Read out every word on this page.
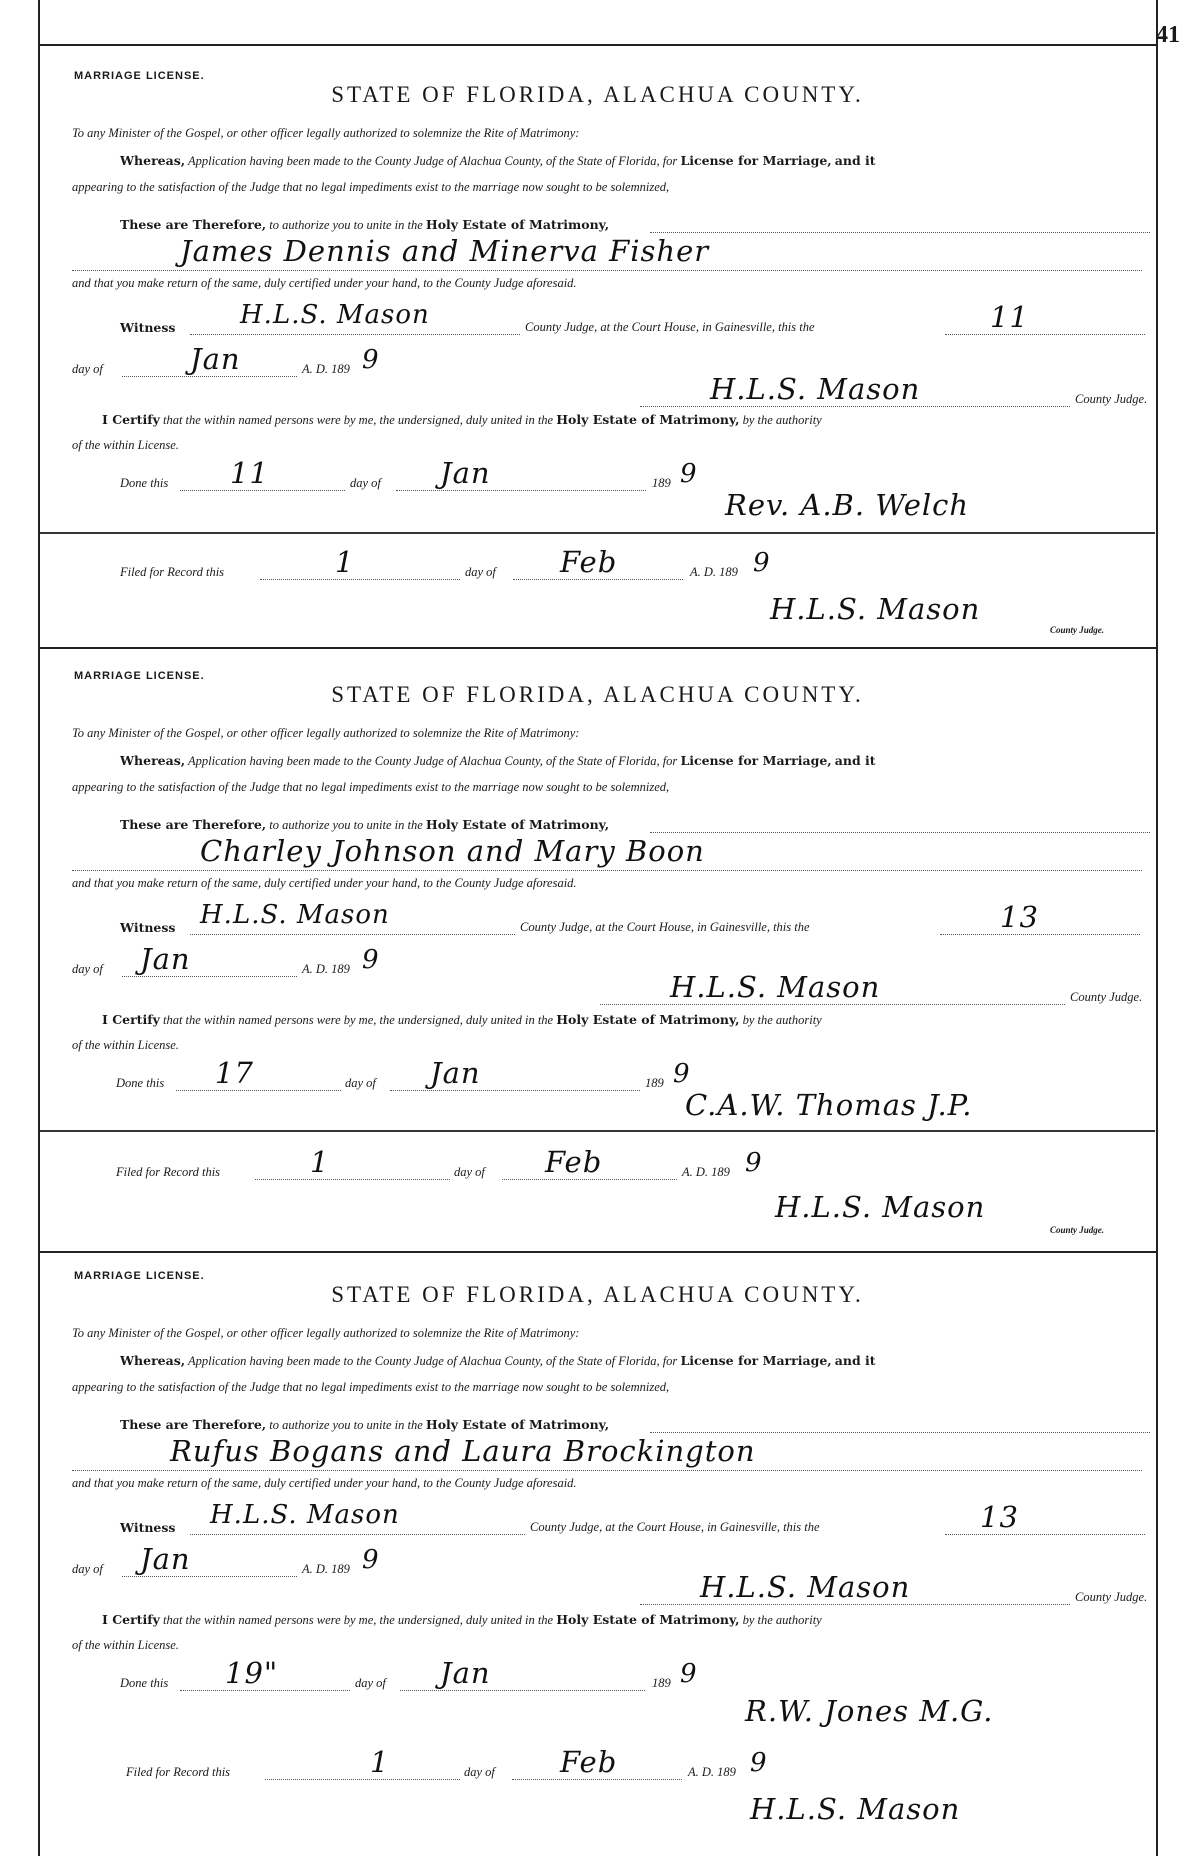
41
MARRIAGE LICENSE.
STATE OF FLORIDA, ALACHUA COUNTY.
To any Minister of the Gospel, or other officer legally authorized to solemnize the Rite of Matrimony:
Whereas, Application having been made to the County Judge of Alachua County, of the State of Florida, for License for Marriage, and it
appearing to the satisfaction of the Judge that no legal impediments exist to the marriage now sought to be solemnized,
These are Therefore, to authorize you to unite in the Holy Estate of Matrimony,
James Dennis and Minerva Fisher
and that you make return of the same, duly certified under your hand, to the County Judge aforesaid.
Witness H.L.S. Mason	County Judge, at the Court House, in Gainesville, this the	11
day of	Jan	A. D. 189 9
H.L.S. Mason	County Judge.
I Certify that the within named persons were by me, the undersigned, duly united in the Holy Estate of Matrimony, by the authority
of the within License.
Done this 11	day of Jan	189 9
Rev. A.B. Welch
Filed for Record this	1	day of Feb	A. D. 189 9
H.L.S. Mason
County Judge.
MARRIAGE LICENSE.
STATE OF FLORIDA, ALACHUA COUNTY.
To any Minister of the Gospel, or other officer legally authorized to solemnize the Rite of Matrimony:
Whereas, Application having been made to the County Judge of Alachua County, of the State of Florida, for License for Marriage, and it
appearing to the satisfaction of the Judge that no legal impediments exist to the marriage now sought to be solemnized,
These are Therefore, to authorize you to unite in the Holy Estate of Matrimony,
Charley Johnson and Mary Boon
and that you make return of the same, duly certified under your hand, to the County Judge aforesaid.
Witness H.L.S. Mason	County Judge, at the Court House, in Gainesville, this the	13
day of Jan	A. D. 189 9
H.L.S. Mason	County Judge.
I Certify that the within named persons were by me, the undersigned, duly united in the Holy Estate of Matrimony, by the authority
of the within License.
Done this 17	day of Jan	189 9
C.A.W. Thomas J.P.
Filed for Record this	1	day of Feb	A. D. 189 9
H.L.S. Mason
County Judge.
MARRIAGE LICENSE.
STATE OF FLORIDA, ALACHUA COUNTY.
To any Minister of the Gospel, or other officer legally authorized to solemnize the Rite of Matrimony:
Whereas, Application having been made to the County Judge of Alachua County, of the State of Florida, for License for Marriage, and it
appearing to the satisfaction of the Judge that no legal impediments exist to the marriage now sought to be solemnized,
These are Therefore, to authorize you to unite in the Holy Estate of Matrimony,
Rufus Bogans and Laura Brockington
and that you make return of the same, duly certified under your hand, to the County Judge aforesaid.
Witness H.L.S. Mason	County Judge, at the Court House, in Gainesville, this the	13
day of Jan	A. D. 189 9
H.L.S. Mason	County Judge.
I Certify that the within named persons were by me, the undersigned, duly united in the Holy Estate of Matrimony, by the authority
of the within License.
Done this 19"	day of Jan	189 9
R.W. Jones M.G.
Filed for Record this	1	day of Feb	A. D. 189 9
H.L.S. Mason
